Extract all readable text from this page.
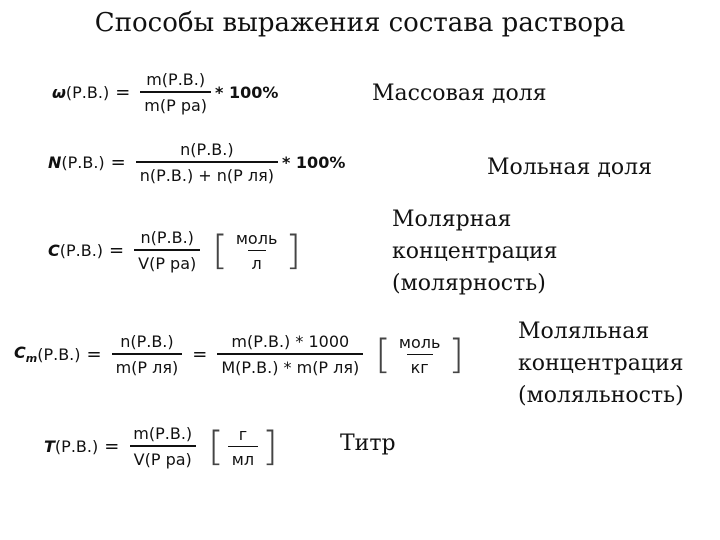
Способы выражения состава раствора
ω $(Р.В.) = \frac{m(Р.В.)}{\text{m(Р ра)}} * 100\%$	Массовая доля
N $(Р.В.) = \frac{n(Р.В.)}{\text{n(Р.В.) + n(Р ля)}} * 100\%$	Мольная доля
C $(Р.В.) = \frac{n(Р.В.)}{\text{V(Р ра)}}$ [ $\frac{\text{моль}}{л}$ ]
Молярная
концентрация
(молярность)
$C_m$ $(Р.В.) = \frac{n(Р.В.)}{\text{m(Р ля)}} = \frac{m(Р.В.) * 1000}{\text{M(Р.В.) * m(Р ля)}}$ [ $\frac{\text{моль}}{кг}$ ] Моляльная
концентрация
(моляльность)
T $(Р.В.) = \frac{m(Р.В.)}{\text{V(Р ра)}}$ [ $\frac{г}{мл}$ ]	Титр
